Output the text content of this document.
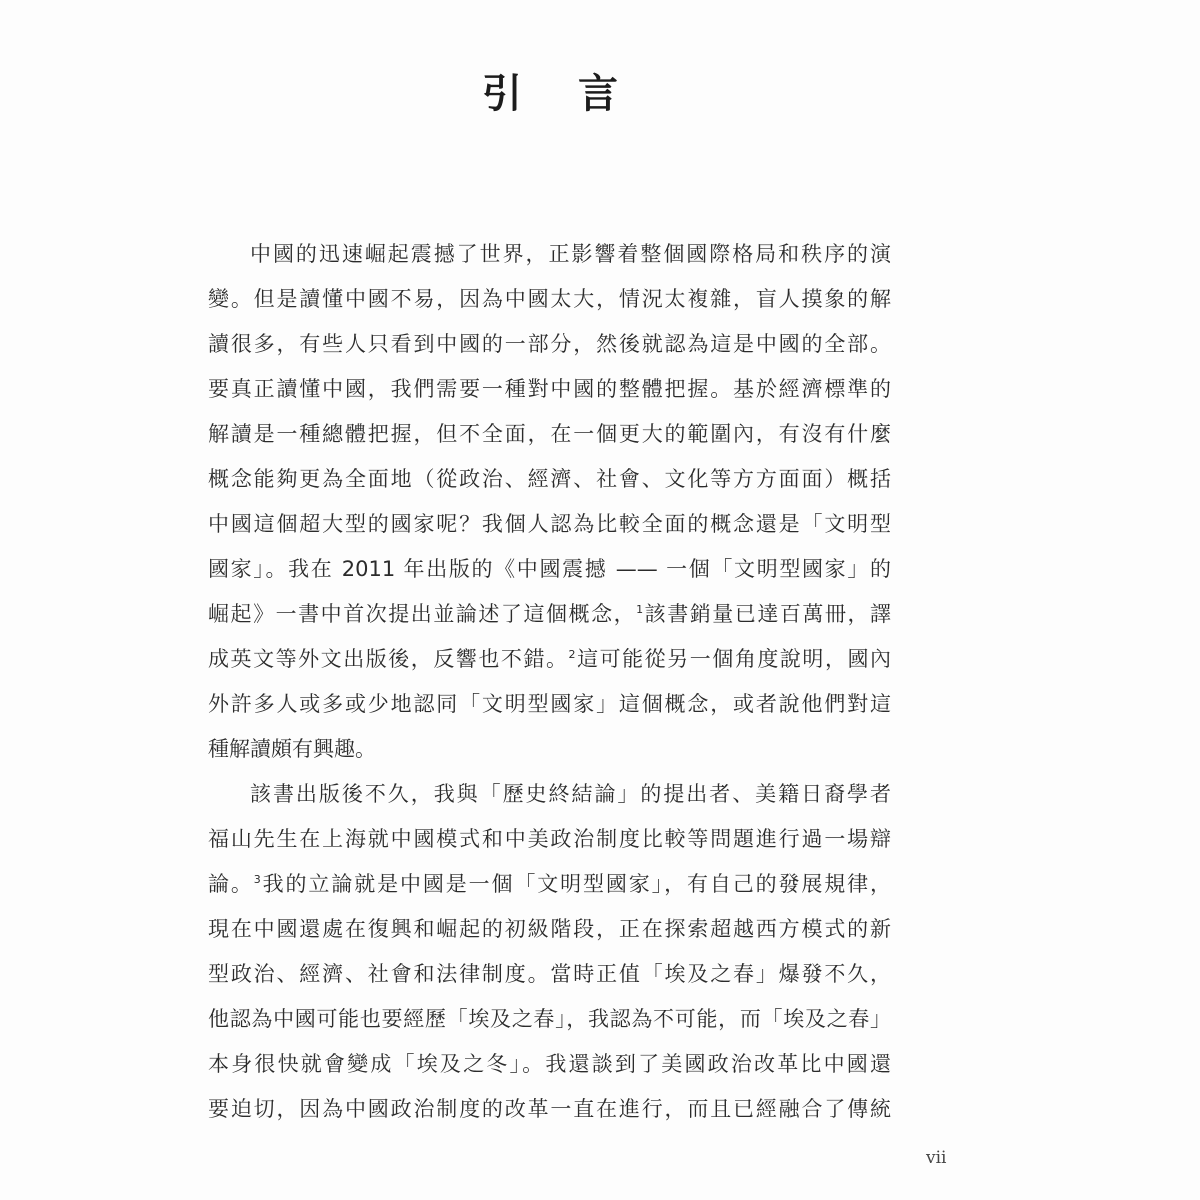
引 言
中國的迅速崛起震撼了世界，正影響着整個國際格局和秩序的演
變。但是讀懂中國不易，因為中國太大，情況太複雜，盲人摸象的解
讀很多，有些人只看到中國的一部分，然後就認為這是中國的全部。
要真正讀懂中國，我們需要一種對中國的整體把握。基於經濟標準的
解讀是一種總體把握，但不全面，在一個更大的範圍內，有沒有什麼
概念能夠更為全面地（從政治、經濟、社會、文化等方方面面）概括
中國這個超大型的國家呢？我個人認為比較全面的概念還是「文明型
國家」。我在 2011 年出版的《中國震撼 —— 一個「文明型國家」的
崛起》一書中首次提出並論述了這個概念，$^1$該書銷量已達百萬冊，譯
成英文等外文出版後，反響也不錯。$^2$這可能從另一個角度說明，國內
外許多人或多或少地認同「文明型國家」這個概念，或者說他們對這
種解讀頗有興趣。
該書出版後不久，我與「歷史終結論」的提出者、美籍日裔學者
福山先生在上海就中國模式和中美政治制度比較等問題進行過一場辯
論。$^3$我的立論就是中國是一個「文明型國家」，有自己的發展規律，
現在中國還處在復興和崛起的初級階段，正在探索超越西方模式的新
型政治、經濟、社會和法律制度。當時正值「埃及之春」爆發不久，
他認為中國可能也要經歷「埃及之春」，我認為不可能，而「埃及之春」
本身很快就會變成「埃及之冬」。我還談到了美國政治改革比中國還
要迫切，因為中國政治制度的改革一直在進行，而且已經融合了傳統
vii
